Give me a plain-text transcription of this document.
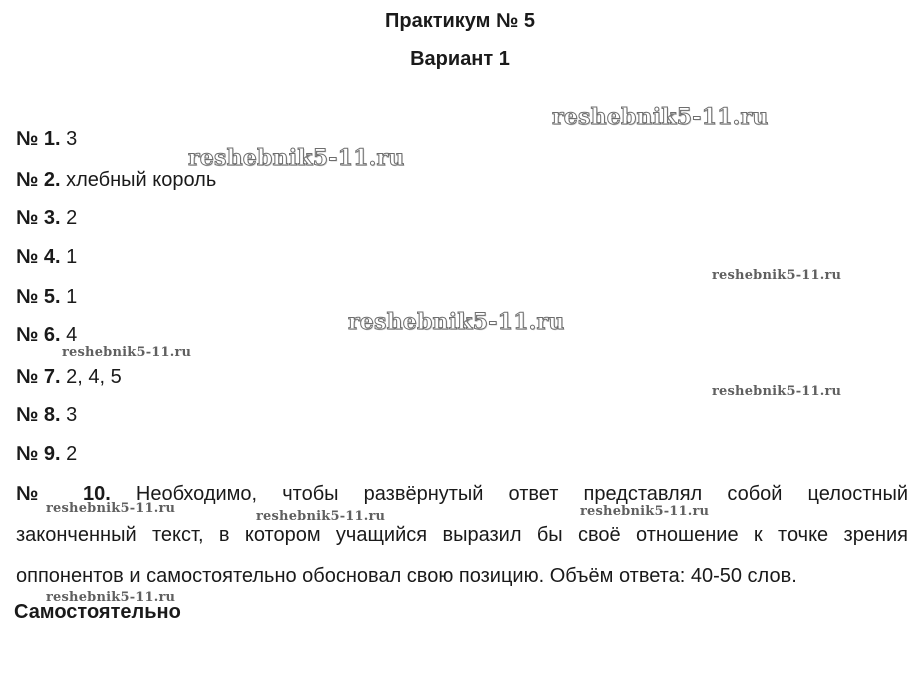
Практикум № 5
Вариант 1
№ 1. 3
№ 2. хлебный король
№ 3. 2
№ 4. 1
№ 5. 1
№ 6. 4
№ 7. 2, 4, 5
№ 8. 3
№ 9. 2
№ 10. Необходимо, чтобы развёрнутый ответ представлял собой целостный
законченный текст, в котором учащийся выразил бы своё отношение к точке зрения
оппонентов и самостоятельно обосновал свою позицию. Объём ответа: 40-50 слов.
Самостоятельно
reshebnik5-11.ru
reshebnik5-11.ru
reshebnik5-11.ru
reshebnik5-11.ru
reshebnik5-11.ru
reshebnik5-11.ru
reshebnik5-11.ru
reshebnik5-11.ru	reshebnik5-11.ru
reshebnik5-11.ru
